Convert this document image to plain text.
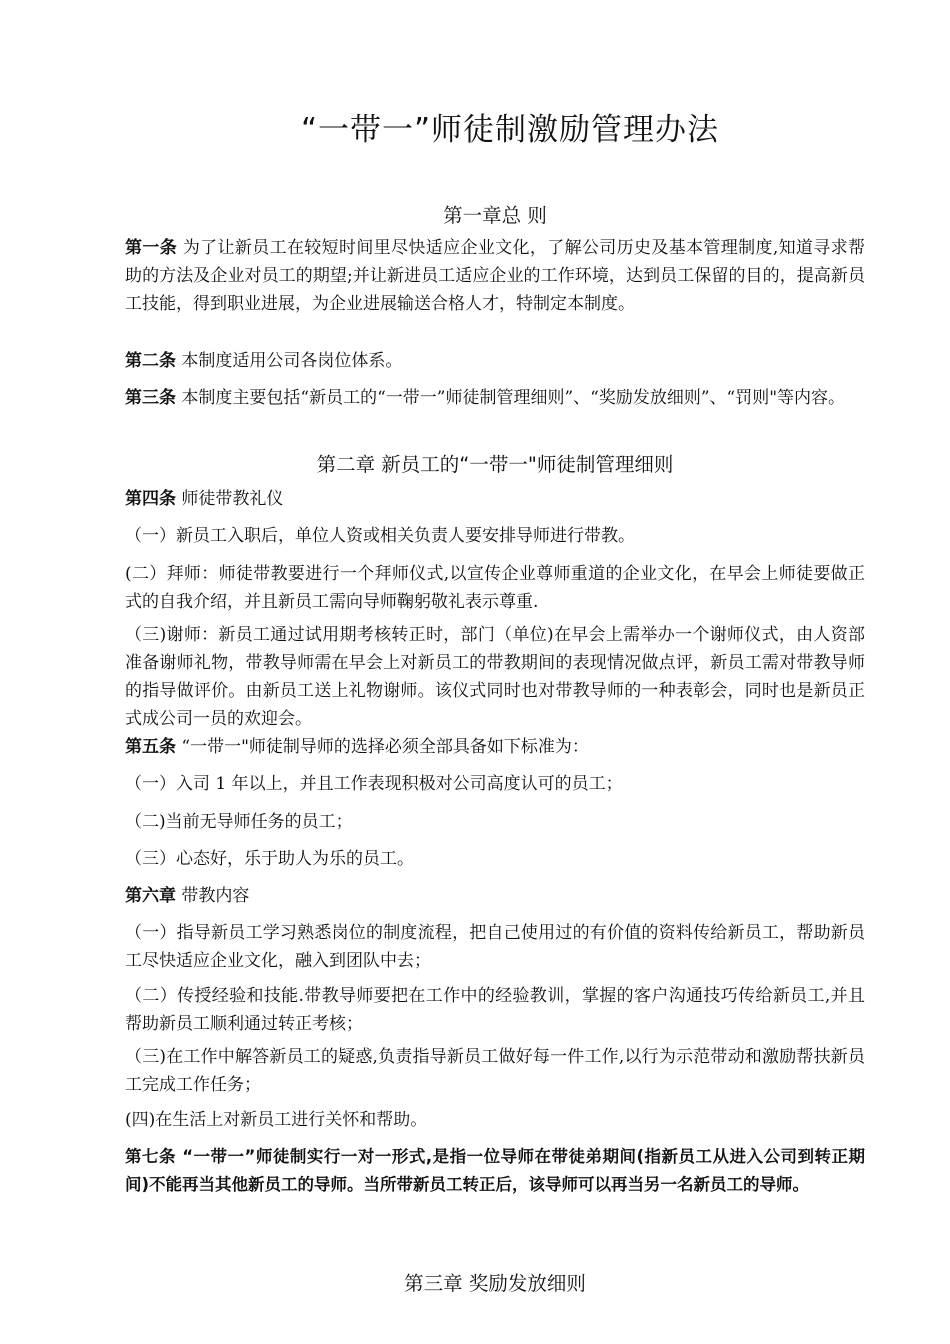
“一带一”师徒制激励管理办法
第一章总 则
第一条 为了让新员工在较短时间里尽快适应企业文化，了解公司历史及基本管理制度,知道寻求帮助的方法及企业对员工的期望;并让新进员工适应企业的工作环境，达到员工保留的目的，提高新员工技能，得到职业进展，为企业进展输送合格人才，特制定本制度。
第二条 本制度适用公司各岗位体系。
第三条 本制度主要包括“新员工的“一带一”师徒制管理细则”、“奖励发放细则”、“罚则"等内容。
第二章 新员工的“一带一"师徒制管理细则
第四条 师徒带教礼仪
（一）新员工入职后，单位人资或相关负责人要安排导师进行带教。
(二）拜师：师徒带教要进行一个拜师仪式,以宣传企业尊师重道的企业文化，在早会上师徒要做正式的自我介绍，并且新员工需向导师鞠躬敬礼表示尊重.
（三)谢师：新员工通过试用期考核转正时，部门（单位)在早会上需举办一个谢师仪式，由人资部准备谢师礼物，带教导师需在早会上对新员工的带教期间的表现情况做点评，新员工需对带教导师的指导做评价。由新员工送上礼物谢师。该仪式同时也对带教导师的一种表彰会，同时也是新员正式成公司一员的欢迎会。
第五条 “一带一"师徒制导师的选择必须全部具备如下标准为：
（一）入司 1 年以上，并且工作表现积极对公司高度认可的员工；
（二)当前无导师任务的员工；
（三）心态好，乐于助人为乐的员工。
第六章 带教内容
（一）指导新员工学习熟悉岗位的制度流程，把自己使用过的有价值的资料传给新员工，帮助新员工尽快适应企业文化，融入到团队中去；
（二）传授经验和技能.带教导师要把在工作中的经验教训，掌握的客户沟通技巧传给新员工,并且帮助新员工顺利通过转正考核；
（三)在工作中解答新员工的疑惑,负责指导新员工做好每一件工作,以行为示范带动和激励帮扶新员工完成工作任务；
(四)在生活上对新员工进行关怀和帮助。
第七条 “一带一”师徒制实行一对一形式,是指一位导师在带徒弟期间(指新员工从进入公司到转正期间)不能再当其他新员工的导师。当所带新员工转正后，该导师可以再当另一名新员工的导师。
第三章 奖励发放细则
